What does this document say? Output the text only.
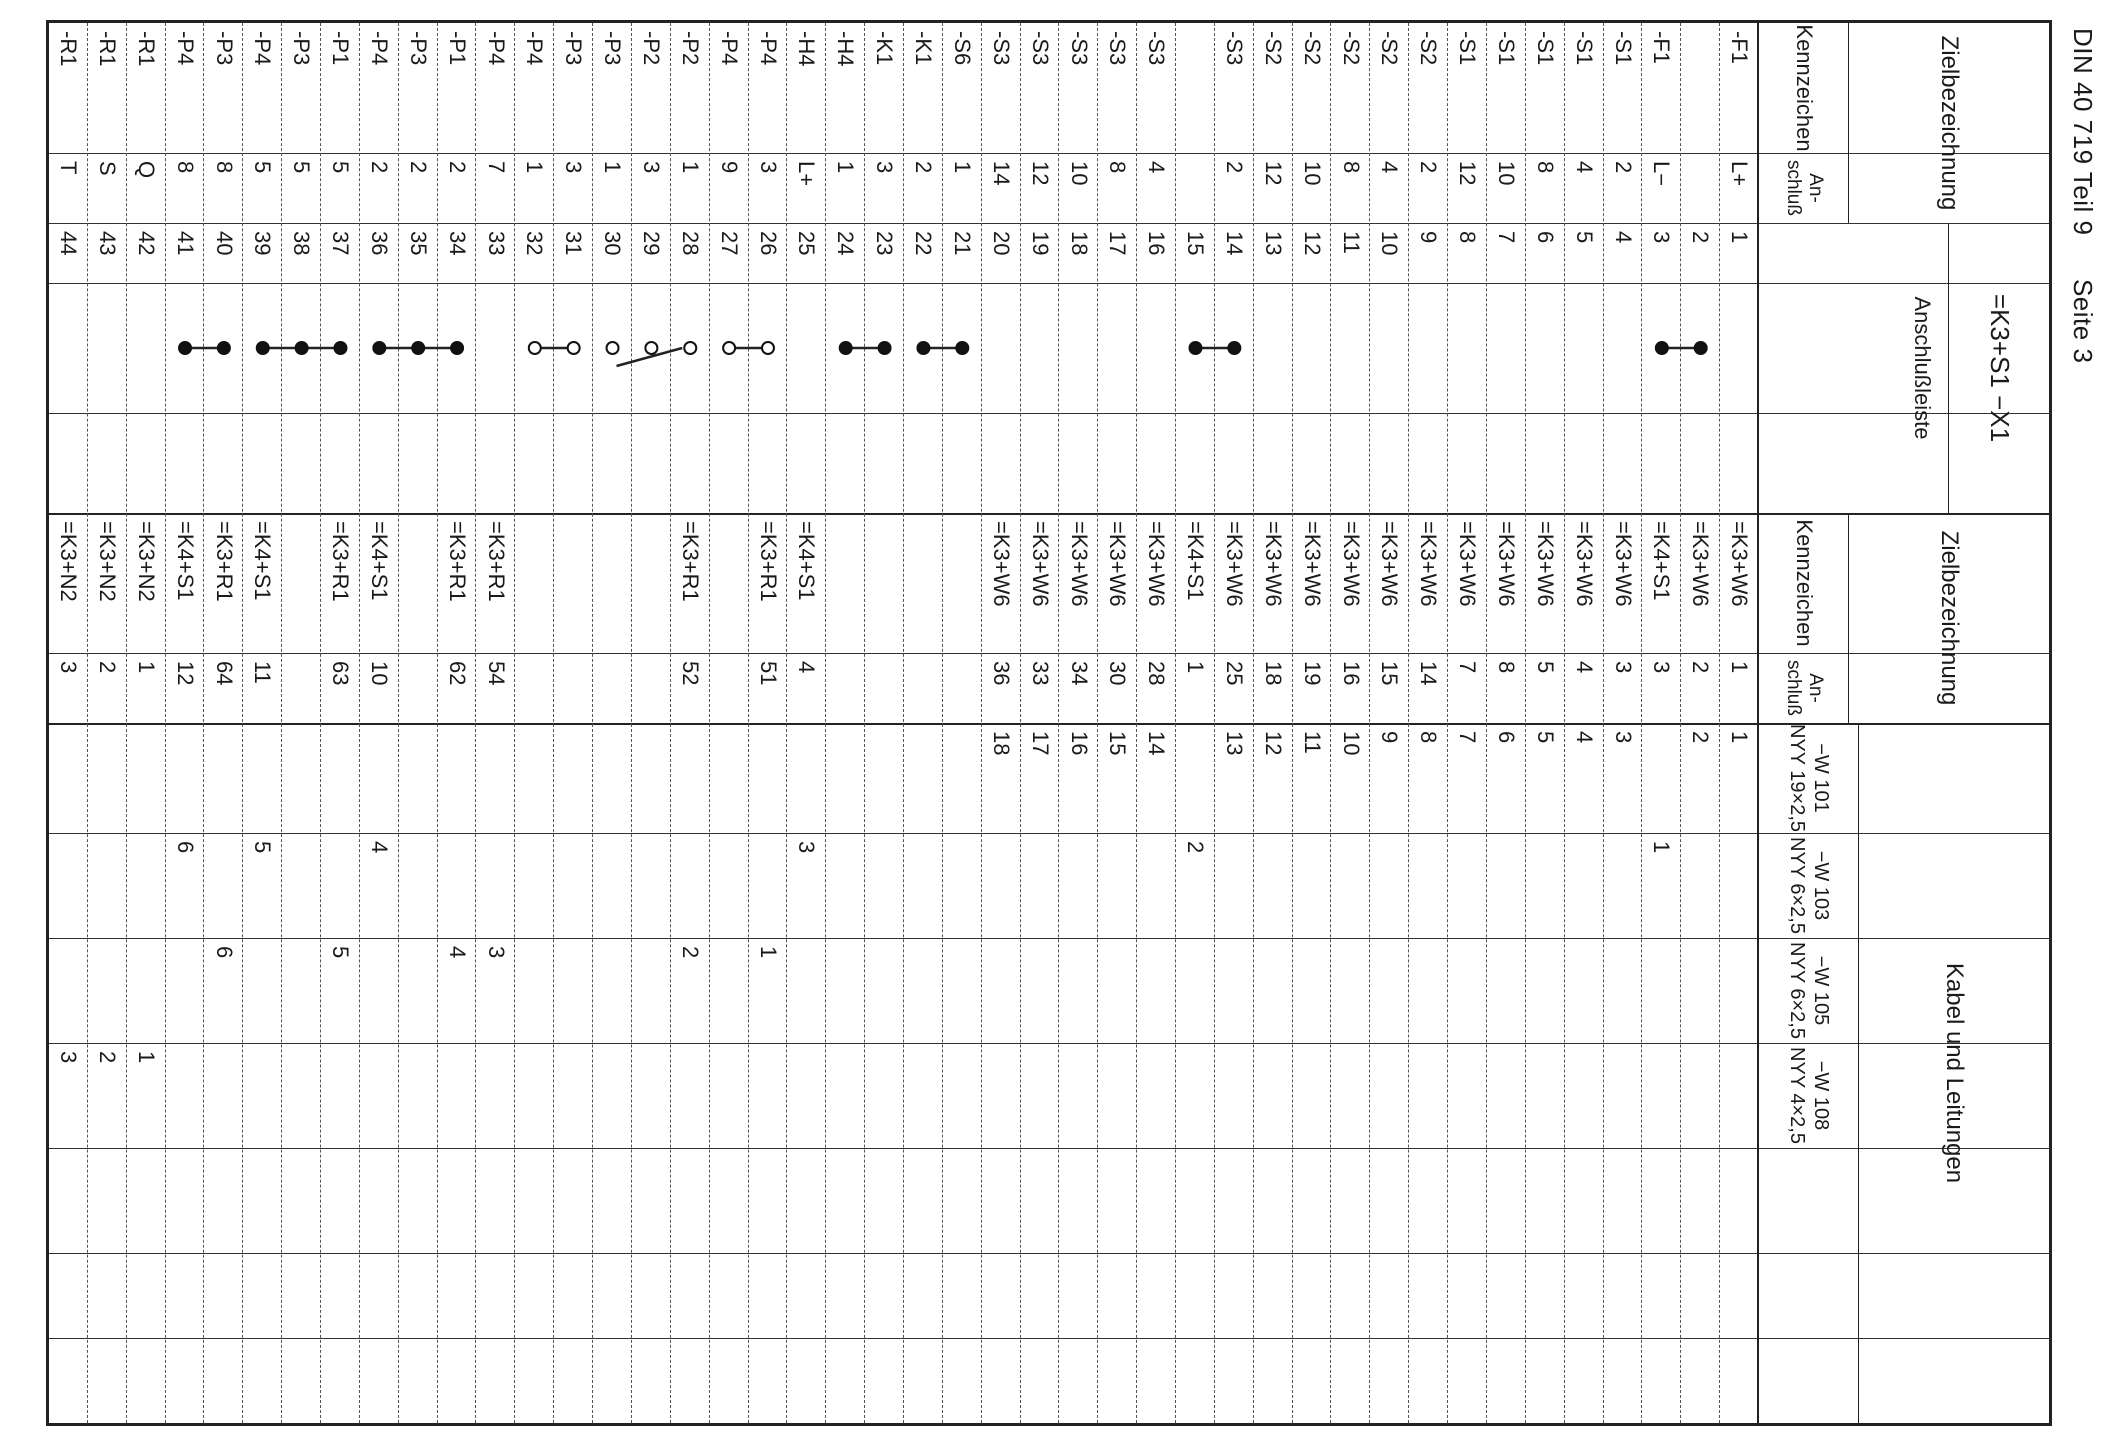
DIN 40 719 Teil 9  Seite 3
Zielbezeichnung
Kennzeichen
An-
schluß
=K3+S1 −X1
Anschlußleiste
Zielbezeichnung
Kennzeichen
An-
schluß
Kabel und Leitungen
−W 101 NYY 19×2,5
−W 103 NYY 6×2,5
−W 105 NYY 6×2,5
−W 108 NYY 4×2,5
-F1
L+
1
=K3+W6
1
1
2
=K3+W6
2
2
-F1
L−
3
=K4+S1
3
1
-S1
2
4
=K3+W6
3
3
-S1
4
5
=K3+W6
4
4
-S1
8
6
=K3+W6
5
5
-S1
10
7
=K3+W6
8
6
-S1
12
8
=K3+W6
7
7
-S2
2
9
=K3+W6
14
8
-S2
4
10
=K3+W6
15
9
-S2
8
11
=K3+W6
16
10
-S2
10
12
=K3+W6
19
11
-S2
12
13
=K3+W6
18
12
-S3
2
14
=K3+W6
25
13
15
=K4+S1
1
2
-S3
4
16
=K3+W6
28
14
-S3
8
17
=K3+W6
30
15
-S3
10
18
=K3+W6
34
16
-S3
12
19
=K3+W6
33
17
-S3
14
20
=K3+W6
36
18
-S6
1
21
-K1
2
22
-K1
3
23
-H4
1
24
-H4
L+
25
=K4+S1
4
3
-P4
3
26
=K3+R1
51
1
-P4
9
27
-P2
1
28
=K3+R1
52
2
-P2
3
29
-P3
1
30
-P3
3
31
-P4
1
32
-P4
7
33
=K3+R1
54
3
-P1
2
34
=K3+R1
62
4
-P3
2
35
-P4
2
36
=K4+S1
10
4
-P1
5
37
=K3+R1
63
5
-P3
5
38
-P4
5
39
=K4+S1
11
5
-P3
8
40
=K3+R1
64
6
-P4
8
41
=K4+S1
12
6
-R1
Q
42
=K3+N2
1
1
-R1
S
43
=K3+N2
2
2
-R1
T
44
=K3+N2
3
3
